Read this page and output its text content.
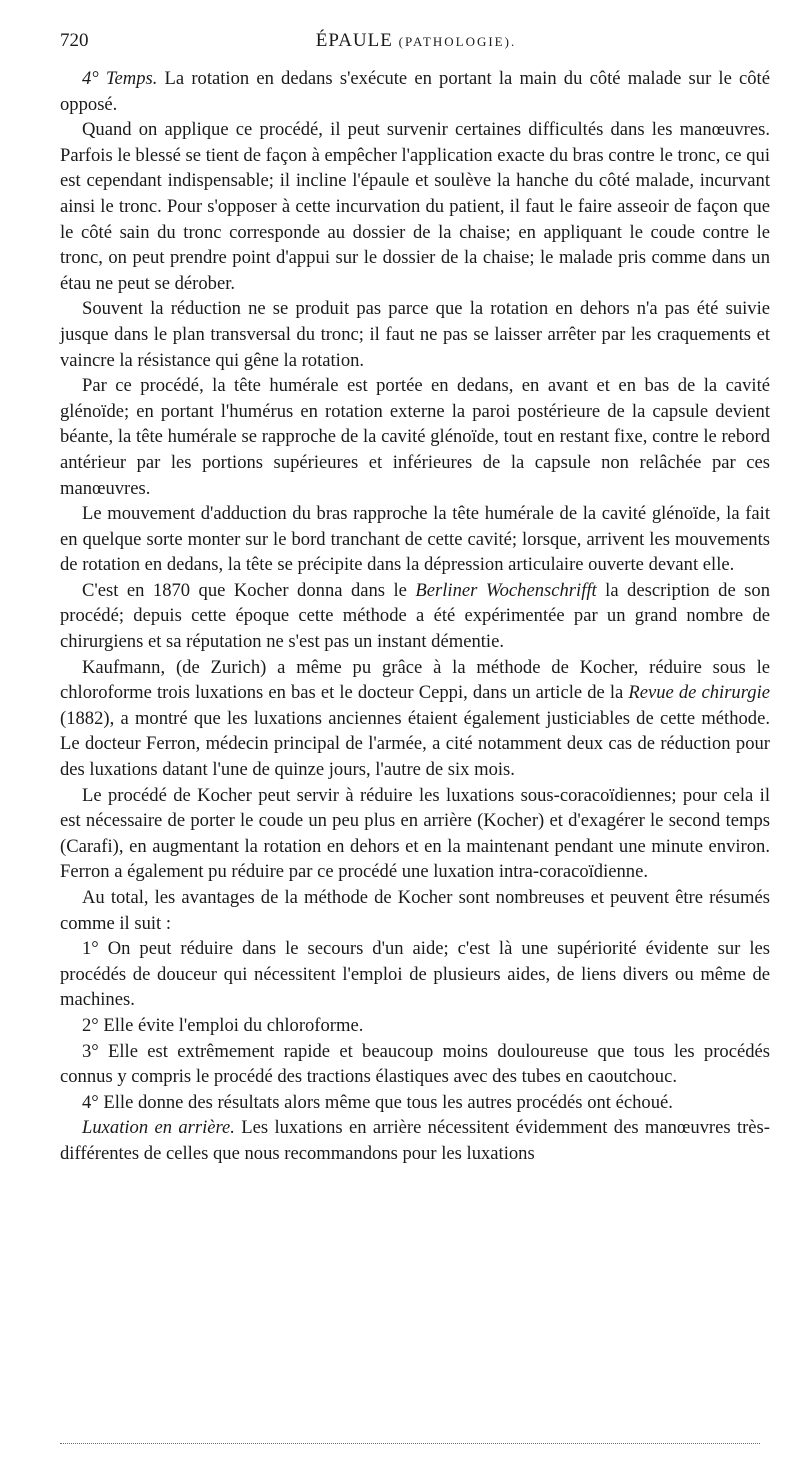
720	ÉPAULE (PATHOLOGIE).

4° Temps. La rotation en dedans s'exécute en portant la main du côté malade sur le côté opposé.

Quand on applique ce procédé, il peut survenir certaines difficultés dans les manœuvres. Parfois le blessé se tient de façon à empêcher l'application exacte du bras contre le tronc, ce qui est cependant indispensable; il incline l'épaule et soulève la hanche du côté malade, incurvant ainsi le tronc. Pour s'opposer à cette incurvation du patient, il faut le faire asseoir de façon que le côté sain du tronc corresponde au dossier de la chaise; en appliquant le coude contre le tronc, on peut prendre point d'appui sur le dossier de la chaise; le malade pris comme dans un étau ne peut se dérober.

Souvent la réduction ne se produit pas parce que la rotation en dehors n'a pas été suivie jusque dans le plan transversal du tronc; il faut ne pas se laisser arrêter par les craquements et vaincre la résistance qui gêne la rotation.

Par ce procédé, la tête humérale est portée en dedans, en avant et en bas de la cavité glénoïde; en portant l'humérus en rotation externe la paroi postérieure de la capsule devient béante, la tête humérale se rapproche de la cavité glénoïde, tout en restant fixe, contre le rebord antérieur par les portions supérieures et inférieures de la capsule non relâchée par ces manœuvres.

Le mouvement d'adduction du bras rapproche la tête humérale de la cavité glénoïde, la fait en quelque sorte monter sur le bord tranchant de cette cavité; lorsque, arrivent les mouvements de rotation en dedans, la tête se précipite dans la dépression articulaire ouverte devant elle.

C'est en 1870 que Kocher donna dans le Berliner Wochenschrifft la description de son procédé; depuis cette époque cette méthode a été expérimentée par un grand nombre de chirurgiens et sa réputation ne s'est pas un instant démentie.

Kaufmann, (de Zurich) a même pu grâce à la méthode de Kocher, réduire sous le chloroforme trois luxations en bas et le docteur Ceppi, dans un article de la Revue de chirurgie (1882), a montré que les luxations anciennes étaient également justiciables de cette méthode. Le docteur Ferron, médecin principal de l'armée, a cité notamment deux cas de réduction pour des luxations datant l'une de quinze jours, l'autre de six mois.

Le procédé de Kocher peut servir à réduire les luxations sous-coracoïdiennes; pour cela il est nécessaire de porter le coude un peu plus en arrière (Kocher) et d'exagérer le second temps (Carafi), en augmentant la rotation en dehors et en la maintenant pendant une minute environ. Ferron a également pu réduire par ce procédé une luxation intra-coracoïdienne.

Au total, les avantages de la méthode de Kocher sont nombreuses et peuvent être résumés comme il suit :

1° On peut réduire dans le secours d'un aide; c'est là une supériorité évidente sur les procédés de douceur qui nécessitent l'emploi de plusieurs aides, de liens divers ou même de machines.

2° Elle évite l'emploi du chloroforme.

3° Elle est extrêmement rapide et beaucoup moins douloureuse que tous les procédés connus y compris le procédé des tractions élastiques avec des tubes en caoutchouc.

4° Elle donne des résultats alors même que tous les autres procédés ont échoué.

Luxation en arrière. Les luxations en arrière nécessitent évidemment des manœuvres très-différentes de celles que nous recommandons pour les luxations
